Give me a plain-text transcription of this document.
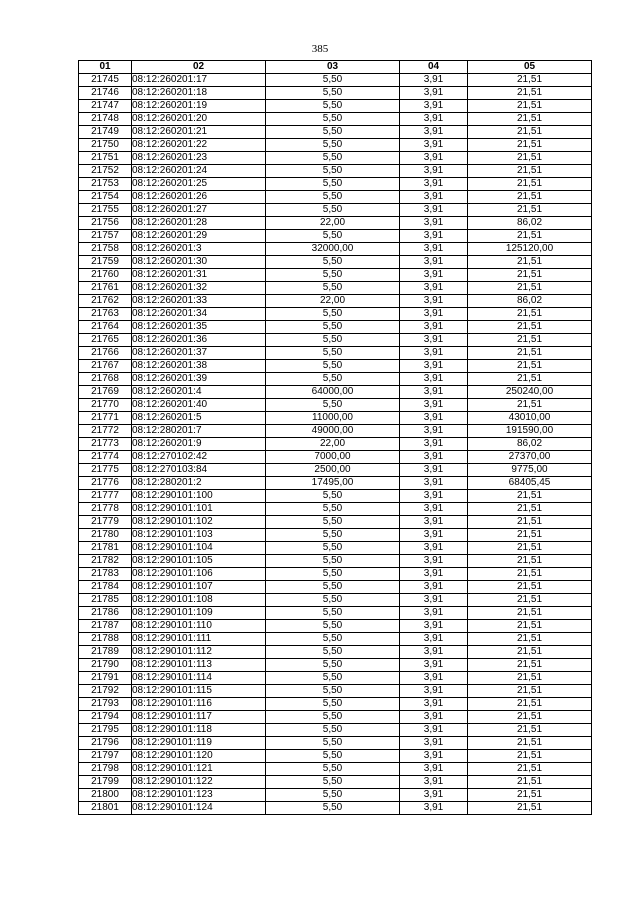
385
01	02	03	04	05
21745	08:12:260201:17	5,50	3,91	21,51
21746	08:12:260201:18	5,50	3,91	21,51
21747	08:12:260201:19	5,50	3,91	21,51
21748	08:12:260201:20	5,50	3,91	21,51
21749	08:12:260201:21	5,50	3,91	21,51
21750	08:12:260201:22	5,50	3,91	21,51
21751	08:12:260201:23	5,50	3,91	21,51
21752	08:12:260201:24	5,50	3,91	21,51
21753	08:12:260201:25	5,50	3,91	21,51
21754	08:12:260201:26	5,50	3,91	21,51
21755	08:12:260201:27	5,50	3,91	21,51
21756	08:12:260201:28	22,00	3,91	86,02
21757	08:12:260201:29	5,50	3,91	21,51
21758	08:12:260201:3	32000,00	3,91	125120,00
21759	08:12:260201:30	5,50	3,91	21,51
21760	08:12:260201:31	5,50	3,91	21,51
21761	08:12:260201:32	5,50	3,91	21,51
21762	08:12:260201:33	22,00	3,91	86,02
21763	08:12:260201:34	5,50	3,91	21,51
21764	08:12:260201:35	5,50	3,91	21,51
21765	08:12:260201:36	5,50	3,91	21,51
21766	08:12:260201:37	5,50	3,91	21,51
21767	08:12:260201:38	5,50	3,91	21,51
21768	08:12:260201:39	5,50	3,91	21,51
21769	08:12:260201:4	64000,00	3,91	250240,00
21770	08:12:260201:40	5,50	3,91	21,51
21771	08:12:260201:5	11000,00	3,91	43010,00
21772	08:12:280201:7	49000,00	3,91	191590,00
21773	08:12:260201:9	22,00	3,91	86,02
21774	08:12:270102:42	7000,00	3,91	27370,00
21775	08:12:270103:84	2500,00	3,91	9775,00
21776	08:12:280201:2	17495,00	3,91	68405,45
21777	08:12:290101:100	5,50	3,91	21,51
21778	08:12:290101:101	5,50	3,91	21,51
21779	08:12:290101:102	5,50	3,91	21,51
21780	08:12:290101:103	5,50	3,91	21,51
21781	08:12:290101:104	5,50	3,91	21,51
21782	08:12:290101:105	5,50	3,91	21,51
21783	08:12:290101:106	5,50	3,91	21,51
21784	08:12:290101:107	5,50	3,91	21,51
21785	08:12:290101:108	5,50	3,91	21,51
21786	08:12:290101:109	5,50	3,91	21,51
21787	08:12:290101:110	5,50	3,91	21,51
21788	08:12:290101:111	5,50	3,91	21,51
21789	08:12:290101:112	5,50	3,91	21,51
21790	08:12:290101:113	5,50	3,91	21,51
21791	08:12:290101:114	5,50	3,91	21,51
21792	08:12:290101:115	5,50	3,91	21,51
21793	08:12:290101:116	5,50	3,91	21,51
21794	08:12:290101:117	5,50	3,91	21,51
21795	08:12:290101:118	5,50	3,91	21,51
21796	08:12:290101:119	5,50	3,91	21,51
21797	08:12:290101:120	5,50	3,91	21,51
21798	08:12:290101:121	5,50	3,91	21,51
21799	08:12:290101:122	5,50	3,91	21,51
21800	08:12:290101:123	5,50	3,91	21,51
21801	08:12:290101:124	5,50	3,91	21,51
